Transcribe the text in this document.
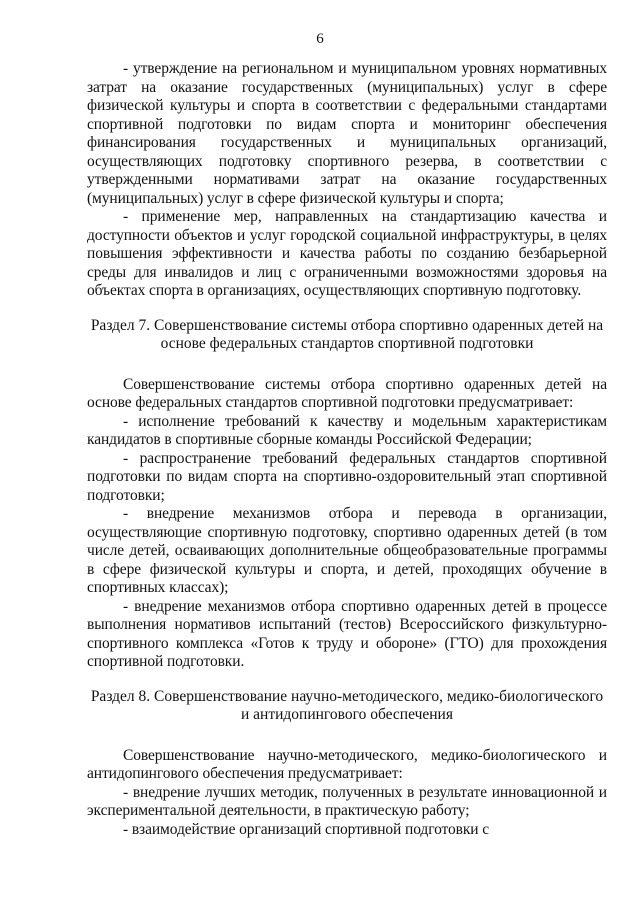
6

- утверждение на региональном и муниципальном уровнях нормативных затрат на оказание государственных (муниципальных) услуг в сфере физической культуры и спорта в соответствии с федеральными стандартами спортивной подготовки по видам спорта и мониторинг обеспечения финансирования государственных и муниципальных организаций, осуществляющих подготовку спортивного резерва, в соответствии с утвержденными нормативами затрат на оказание государственных (муниципальных) услуг в сфере физической культуры и спорта;

- применение мер, направленных на стандартизацию качества и доступности объектов и услуг городской социальной инфраструктуры, в целях повышения эффективности и качества работы по созданию безбарьерной среды для инвалидов и лиц с ограниченными возможностями здоровья на объектах спорта в организациях, осуществляющих спортивную подготовку.

Раздел 7. Совершенствование системы отбора спортивно одаренных детей на основе федеральных стандартов спортивной подготовки

Совершенствование системы отбора спортивно одаренных детей на основе федеральных стандартов спортивной подготовки предусматривает:

- исполнение требований к качеству и модельным характеристикам кандидатов в спортивные сборные команды Российской Федерации;

- распространение требований федеральных стандартов спортивной подготовки по видам спорта на спортивно-оздоровительный этап спортивной подготовки;

- внедрение механизмов отбора и перевода в организации, осуществляющие спортивную подготовку, спортивно одаренных детей (в том числе детей, осваивающих дополнительные общеобразовательные программы в сфере физической культуры и спорта, и детей, проходящих обучение в спортивных классах);

- внедрение механизмов отбора спортивно одаренных детей в процессе выполнения нормативов испытаний (тестов) Всероссийского физкультурно-спортивного комплекса «Готов к труду и обороне» (ГТО) для прохождения спортивной подготовки.

Раздел 8. Совершенствование научно-методического, медико-биологического и антидопингового обеспечения

Совершенствование научно-методического, медико-биологического и антидопингового обеспечения предусматривает:

- внедрение лучших методик, полученных в результате инновационной и экспериментальной деятельности, в практическую работу;

- взаимодействие организаций спортивной подготовки с
